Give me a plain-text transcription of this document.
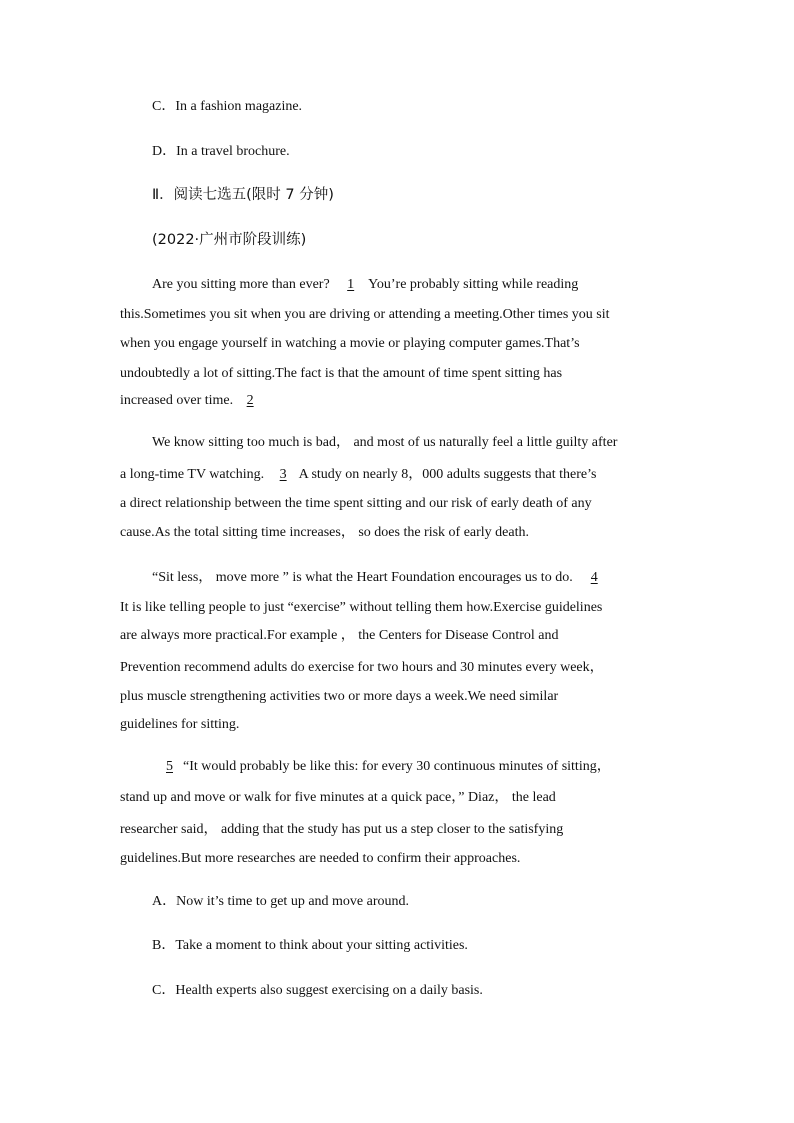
C．In a fashion magazine.
D．In a travel brochure.
Ⅱ．阅读七选五(限时 7 分钟)
(2022·广州市阶段训练)
Are you sitting more than ever? 1 You’re probably sitting while reading
this.Sometimes you sit when you are driving or attending a meeting.Other times you sit
when you engage yourself in watching a movie or playing computer games.That’s
undoubtedly a lot of sitting.The fact is that the amount of time spent sitting has
increased over time. 2
We know sitting too much is bad， and most of us naturally feel a little guilty after
a long-time TV watching. 3 A study on nearly 8，000 adults suggests that there’s
a direct relationship between the time spent sitting and our risk of early death of any
cause.As the total sitting time increases， so does the risk of early death.
“Sit less， move more ” is what the Heart Foundation encourages us to do. 4
It is like telling people to just “exercise” without telling them how.Exercise guidelines
are always more practical.For example ， the Centers for Disease Control and
Prevention recommend adults do exercise for two hours and 30 minutes every week，
plus muscle strengthening activities two or more days a week.We need similar
guidelines for sitting.
5 “It would probably be like this: for every 30 continuous minutes of sitting，
stand up and move or walk for five minutes at a quick pace，” Diaz， the lead
researcher said， adding that the study has put us a step closer to the satisfying
guidelines.But more researches are needed to confirm their approaches.
A．Now it’s time to get up and move around.
B．Take a moment to think about your sitting activities.
C．Health experts also suggest exercising on a daily basis.
